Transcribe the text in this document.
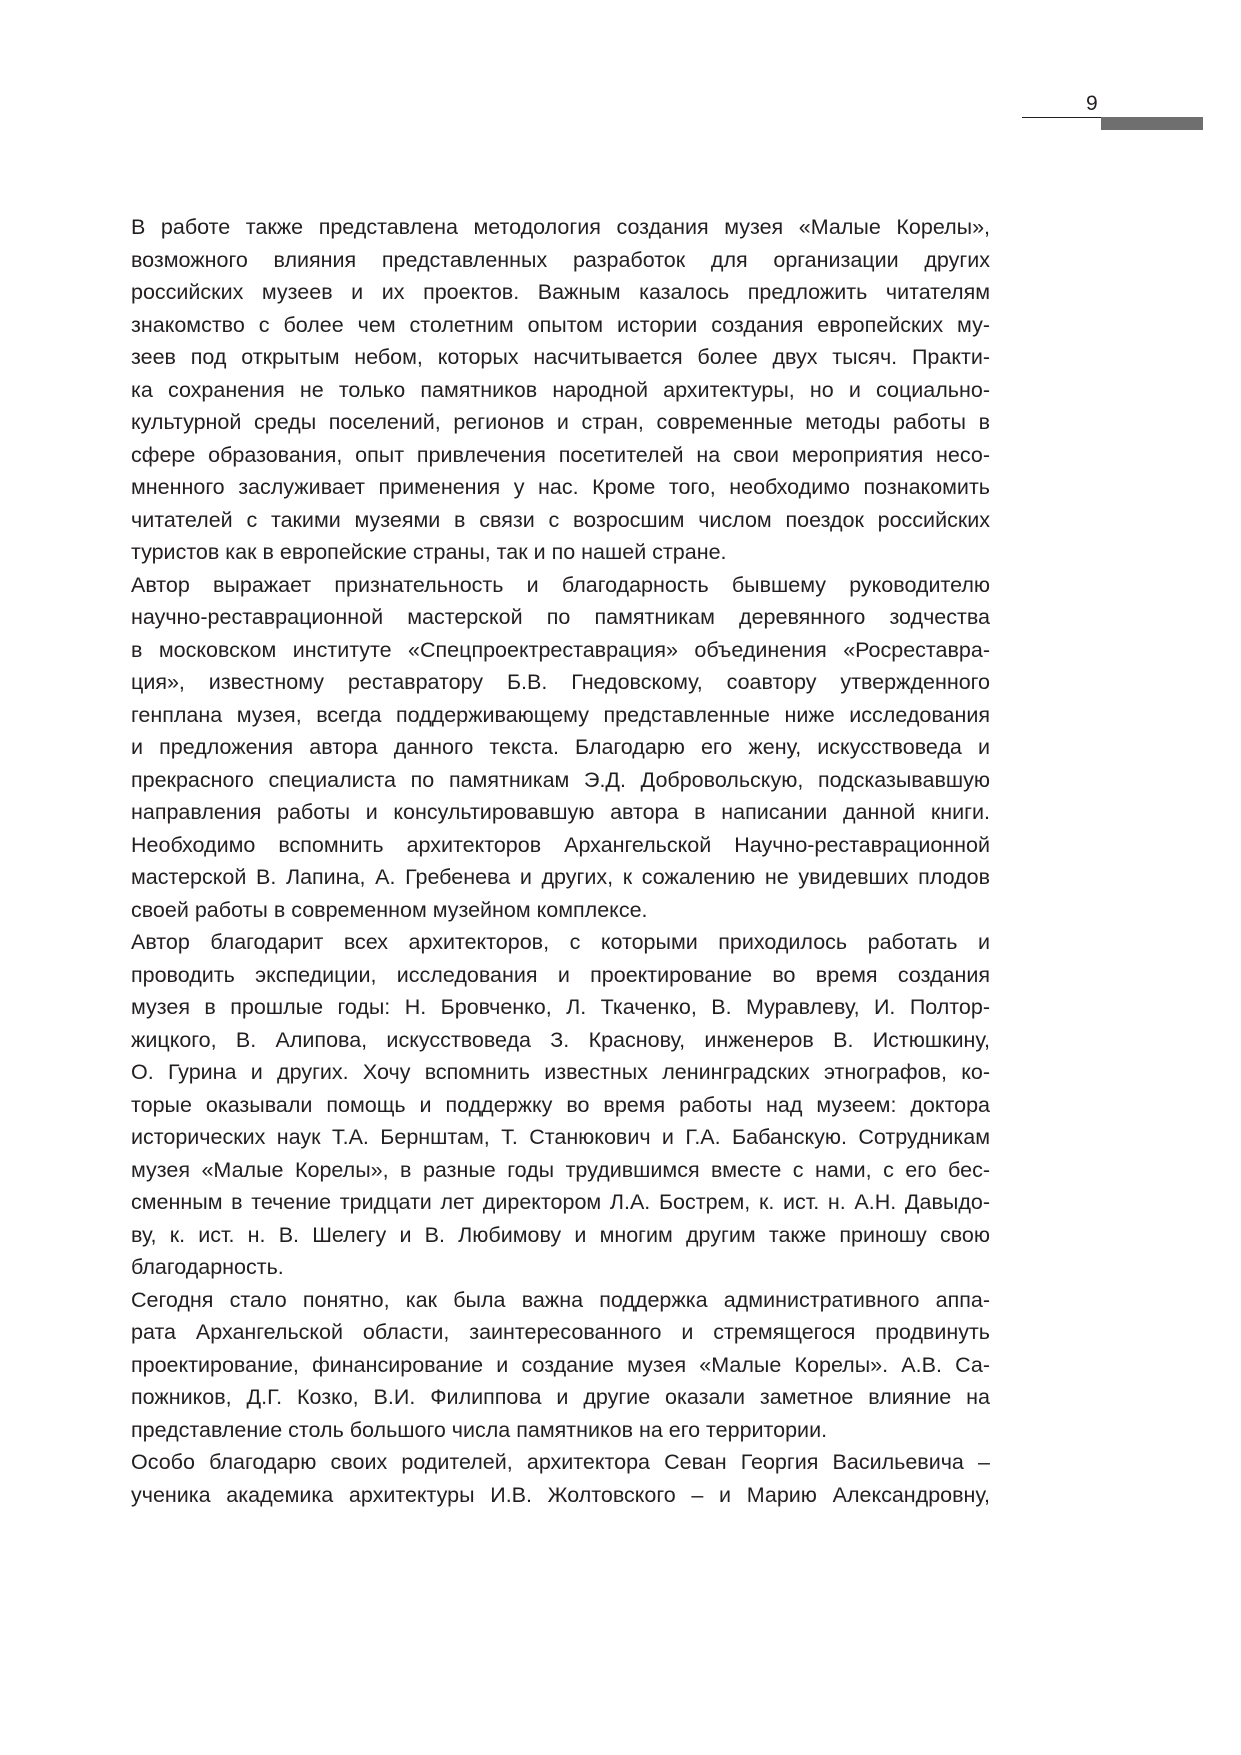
9
В работе также представлена методология создания музея «Малые Корелы»,
возможного влияния представленных разработок для организации других
российских музеев и их проектов. Важным казалось предложить читателям
знакомство с более чем столетним опытом истории создания европейских му-
зеев под открытым небом, которых насчитывается более двух тысяч. Практи-
ка сохранения не только памятников народной архитектуры, но и социально-
культурной среды поселений, регионов и стран, современные методы работы в
сфере образования, опыт привлечения посетителей на свои мероприятия несо-
мненного заслуживает применения у нас. Кроме того, необходимо познакомить
читателей с такими музеями в связи с возросшим числом поездок российских
туристов как в европейские страны, так и по нашей стране.
Автор выражает признательность и благодарность бывшему руководителю
научно-реставрационной мастерской по памятникам деревянного зодчества
в московском институте «Спецпроектреставрация» объединения «Росреставра-
ция», известному реставратору Б.В. Гнедовскому, соавтору утвержденного
генплана музея, всегда поддерживающему представленные ниже исследования
и предложения автора данного текста. Благодарю его жену, искусствоведа и
прекрасного специалиста по памятникам Э.Д. Добровольскую, подсказывавшую
направления работы и консультировавшую автора в написании данной книги.
Необходимо вспомнить архитекторов Архангельской Научно-реставрационной
мастерской В. Лапина, А. Гребенева и других, к сожалению не увидевших плодов
своей работы в современном музейном комплексе.
Автор благодарит всех архитекторов, с которыми приходилось работать и
проводить экспедиции, исследования и проектирование во время создания
музея в прошлые годы: Н. Бровченко, Л. Ткаченко, В. Муравлеву, И. Полтор-
жицкого, В. Алипова, искусствоведа З. Краснову, инженеров В. Истюшкину,
О. Гурина и других. Хочу вспомнить известных ленинградских этнографов, ко-
торые оказывали помощь и поддержку во время работы над музеем: доктора
исторических наук Т.А. Бернштам, Т. Станюкович и Г.А. Бабанскую. Сотрудникам
музея «Малые Корелы», в разные годы трудившимся вместе с нами, с его бес-
сменным в течение тридцати лет директором Л.А. Бострем, к. ист. н. А.Н. Давыдо-
ву, к. ист. н. В. Шелегу и В. Любимову и многим другим также приношу свою
благодарность.
Сегодня стало понятно, как была важна поддержка административного аппа-
рата Архангельской области, заинтересованного и стремящегося продвинуть
проектирование, финансирование и создание музея «Малые Корелы». А.В. Са-
пожников, Д.Г. Козко, В.И. Филиппова и другие оказали заметное влияние на
представление столь большого числа памятников на его территории.
Особо благодарю своих родителей, архитектора Севан Георгия Васильевича –
ученика академика архитектуры И.В. Жолтовского – и Марию Александровну,
